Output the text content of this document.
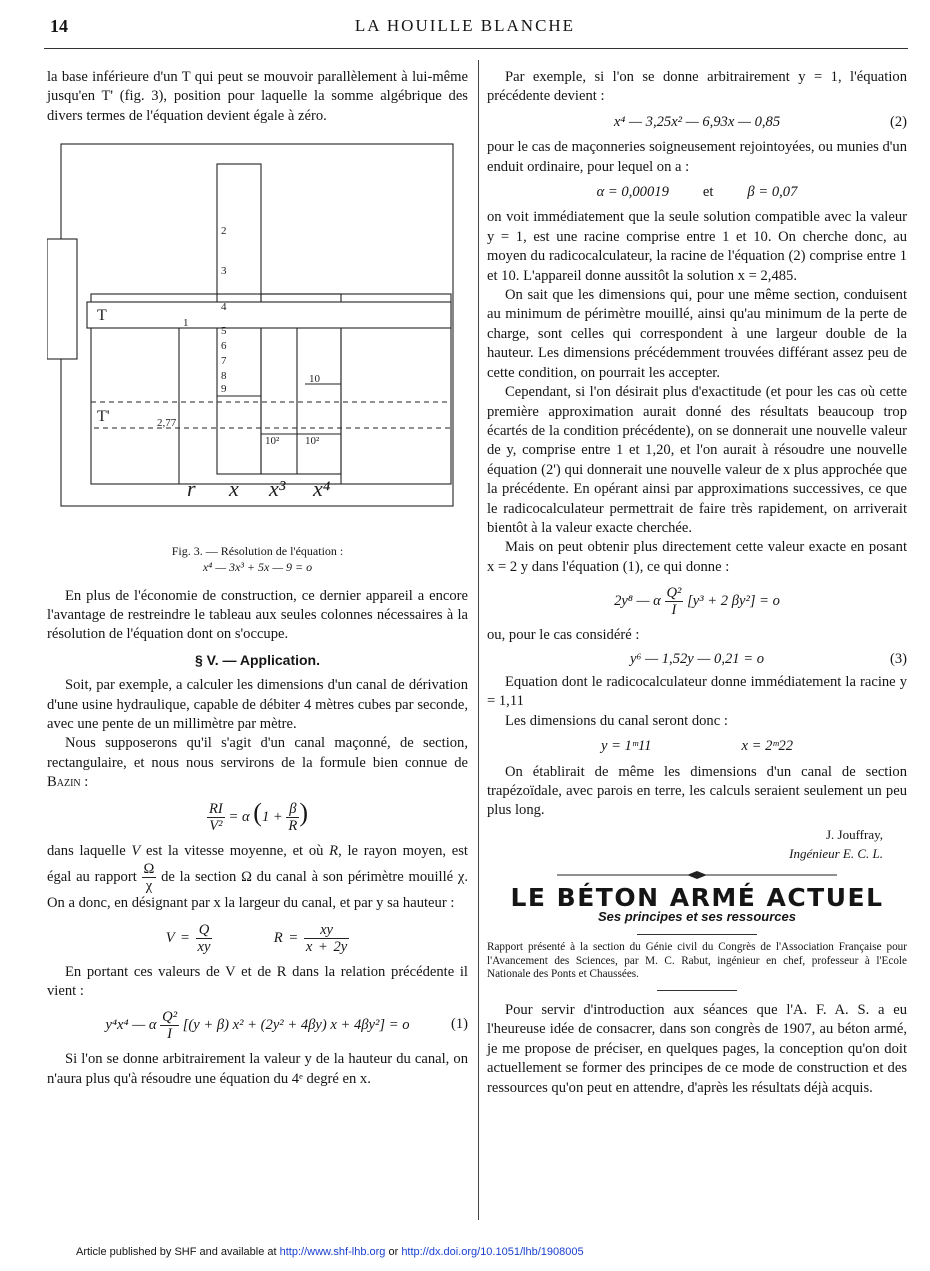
14	LA HOUILLE BLANCHE

la base inférieure d'un T qui peut se mouvoir parallèlement à lui-même jusqu'en T' (fig. 3), position pour laquelle la somme algébrique des divers termes de l'équation devient égale à zéro.

T
T'
1
2
3
4
5
6
7
8
9
10
2,77
10² 10²
r x x³ x⁴
Fig. 3. — Résolution de l'équation :
x⁴ — 3x³ + 5x — 9 = o

En plus de l'économie de construction, ce dernier appareil a encore l'avantage de restreindre le tableau aux seules colonnes nécessaires à la résolution de l'équation dont on s'occupe.

§ V. — Application.

Soit, par exemple, a calculer les dimensions d'un canal de dérivation d'une usine hydraulique, capable de débiter 4 mètres cubes par seconde, avec une pente de un millimètre par mètre.

Nous supposerons qu'il s'agit d'un canal maçonné, de section, rectangulaire, et nous nous servirons de la formule bien connue de Bazin :

$\frac{RI}{\text{V²}} = \alpha$ ($1 + \frac{\beta}{R}$ )

dans laquelle V est la vitesse moyenne, et où R, le rayon moyen, est égal au rapport $\frac{\Omega}{\chi}$ de la section Ω du canal à son périmètre mouillé χ. On a donc, en désignant par x la largeur du canal, et par y sa hauteur :

$V = \frac{Q}{xy}$	$R = \frac{xy}{x + 2y}$

En portant ces valeurs de V et de R dans la relation précédente il vient :

y⁴x⁴ — α $\frac{\text{Q²}}{I} [(y + \beta) x^2 + (2y^2 + 4\beta y) x + 4\beta y^2] = o$	(1)

Si l'on se donne arbitrairement la valeur y de la hauteur du canal, on n'aura plus qu'à résoudre une équation du 4ᵉ degré en x.

Par exemple, si l'on se donne arbitrairement y = 1, l'équation précédente devient :

x⁴ — 3,25x² — 6,93x — 0,85	(2)

pour le cas de maçonneries soigneusement rejointoyées, ou munies d'un enduit ordinaire, pour lequel on a :

α = 0,00019 et β = 0,07

on voit immédiatement que la seule solution compatible avec la valeur y = 1, est une racine comprise entre 1 et 10. On cherche donc, au moyen du radicocalculateur, la racine de l'équation (2) comprise entre 1 et 10. L'appareil donne aussitôt la solution x = 2,485.

On sait que les dimensions qui, pour une même section, conduisent au minimum de périmètre mouillé, ainsi qu'au minimum de la perte de charge, sont celles qui correspondent à une largeur double de la hauteur. Les dimensions précédemment trouvées différant assez peu de cette condition, on pourrait les accepter.

Cependant, si l'on désirait plus d'exactitude (et pour les cas où cette première approximation aurait donné des résultats beaucoup trop écartés de la condition précédente), on se donnerait une nouvelle valeur de y, comprise entre 1 et 1,20, et l'on aurait à résoudre une nouvelle équation (2') qui donnerait une nouvelle valeur de x plus approchée que la précédente. En opérant ainsi par approximations successives, ce que le radicocalculateur permettrait de faire très rapidement, on arriverait bientôt à la valeur exacte cherchée.

Mais on peut obtenir plus directement cette valeur exacte en posant x = 2 y dans l'équation (1), ce qui donne :

2y⁸ — α $\frac{\text{Q²}}{I} [y^3 + 2$ βy²] = o

ou, pour le cas considéré :

y⁶ — 1,52y — 0,21 = o	(3)

Equation dont le radicocalculateur donne immédiatement la racine y = 1,11

Les dimensions du canal seront donc :

y = 1ᵐ11	x = 2ᵐ22

On établirait de même les dimensions d'un canal de section trapézoïdale, avec parois en terre, les calculs seraient seulement un peu plus long.

J. Jouffray,
Ingénieur E. C. L.
LE BÉTON ARMÉ ACTUEL
Ses principes et ses ressources

Rapport présenté à la section du Génie civil du Congrès de l'Association Française pour l'Avancement des Sciences, par M. C. Rabut, ingénieur en chef, professeur à l'Ecole Nationale des Ponts et Chaussées.

Pour servir d'introduction aux séances que l'A. F. A. S. a eu l'heureuse idée de consacrer, dans son congrès de 1907, au béton armé, je me propose de préciser, en quelques pages, la conception qu'on doit actuellement se former des principes de ce mode de construction et des ressources qu'on peut en attendre, d'après les résultats déjà acquis.

Article published by SHF and available at http://www.shf-lhb.org or http://dx.doi.org/10.1051/lhb/1908005
